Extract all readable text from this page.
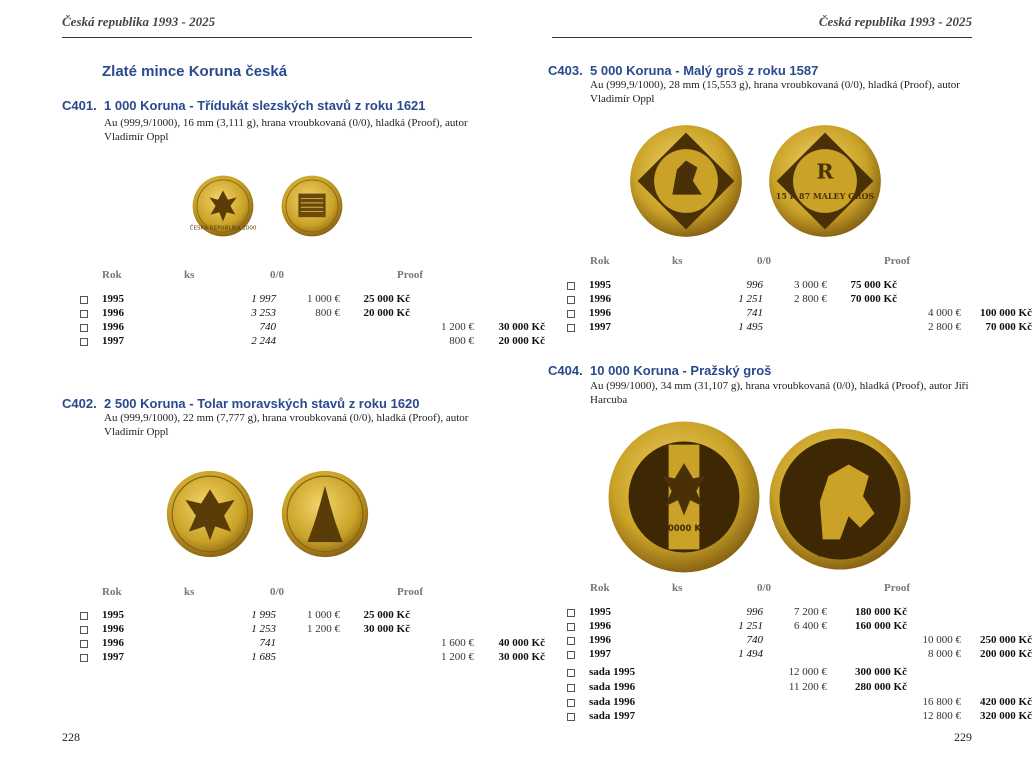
Česká republika 1993 - 2025
Zlaté mince Koruna česká
C401. 1 000 Koruna - Třídukát slezských stavů z roku 1621
Au (999,9/1000), 16 mm (3,111 g), hrana vroubkovaná (0/0), hladká (Proof), autor Vladimír Oppl
ČESKÁ REPUBLIKA 1000
Rok	ks	0/0	Proof
1995	1 997	1 000 €	25 000 Kč
1996	3 253	800 €	20 000 Kč
1996	740	1 200 €	30 000 Kč
1997	2 244	800 €	20 000 Kč
C402. 2 500 Koruna - Tolar moravských stavů z roku 1620
Au (999,9/1000), 22 mm (7,777 g), hrana vroubkovaná (0/0), hladká (Proof), autor Vladimír Oppl
Rok	ks	0/0	Proof
1995	1 995	1 000 €	25 000 Kč
1996	1 253	1 200 €	30 000 Kč
1996	741	1 600 €	40 000 Kč
1997	1 685	1 200 €	30 000 Kč
228
Česká republika 1993 - 2025
C403. 5 000 Koruna - Malý groš z roku 1587
Au (999,9/1000), 28 mm (15,553 g), hrana vroubkovaná (0/0), hladká (Proof), autor Vladimír Oppl
R
15 R 87 MALEY GROS
Rok	ks	0/0	Proof
1995	996	3 000 €	75 000 Kč
1996	1 251	2 800 €	70 000 Kč
1996	741	4 000 €	100 000 Kč
1997	1 495	2 800 €	70 000 Kč
C404. 10 000 Koruna - Pražský groš
Au (999/1000), 34 mm (31,107 g), hrana vroubkovaná (0/0), hladká (Proof), autor Jiří Harcuba
10000 Kč
OZAU9999
Rok	ks	0/0	Proof
1995	996	7 200 €	180 000 Kč
1996	1 251	6 400 €	160 000 Kč
1996	740	10 000 €	250 000 Kč
1997	1 494	8 000 €	200 000 Kč
sada 1995	12 000 €	300 000 Kč
sada 1996	11 200 €	280 000 Kč
sada 1996	16 800 €	420 000 Kč
sada 1997	12 800 €	320 000 Kč
229
